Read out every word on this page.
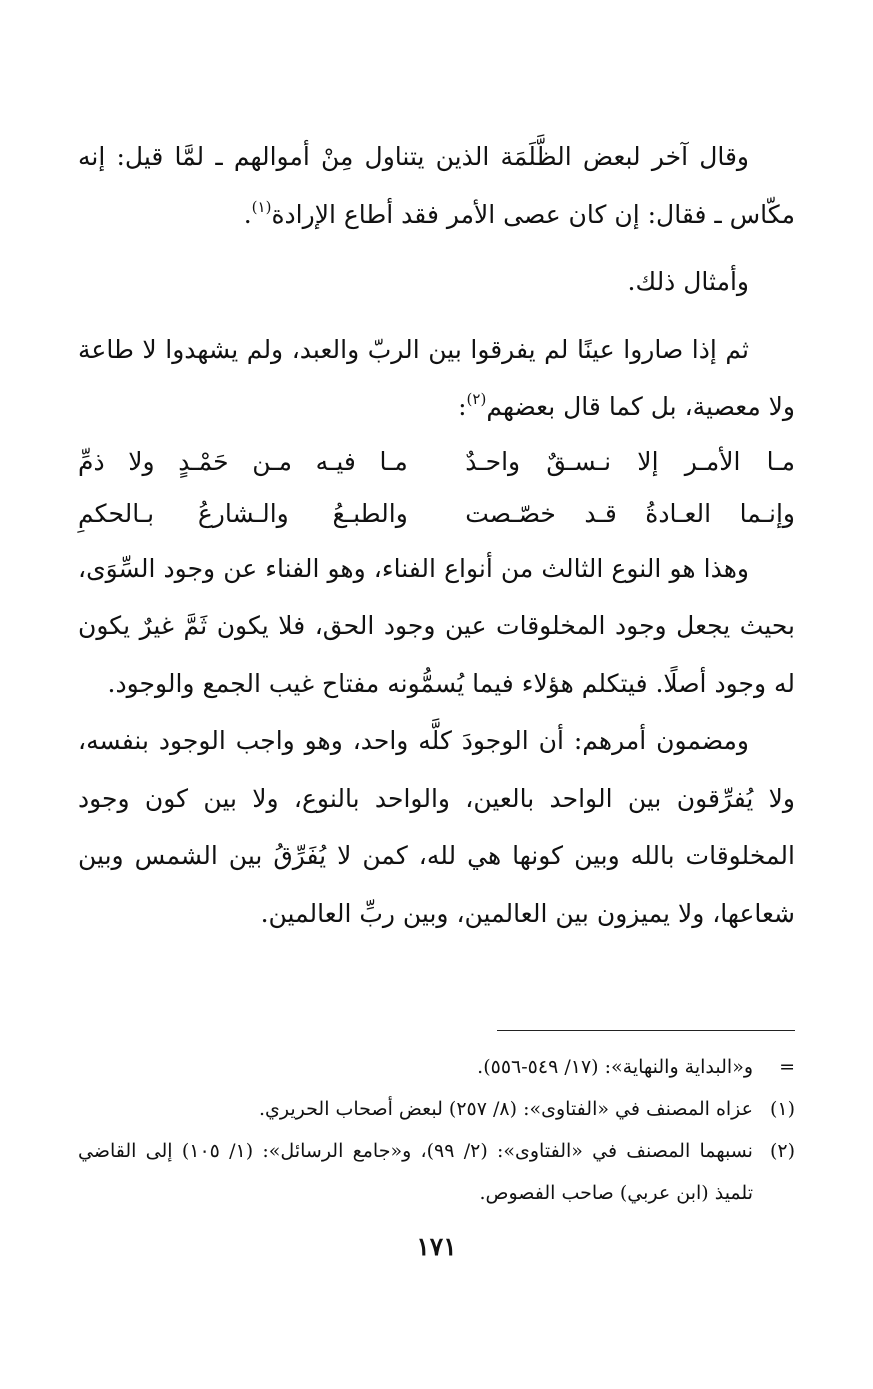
وقال آخر لبعض الظَّلَمَة الذين يتناول مِنْ أموالهم ـ لمَّا قيل: إنه مكّاس ـ فقال: إن كان عصى الأمر فقد أطاع الإرادة$^{(١)}$.

وأمثال ذلك.

ثم إذا صاروا عينًا لم يفرقوا بين الربّ والعبد، ولم يشهدوا لا طاعة ولا معصية، بل كما قال بعضهم$^{(٢)}$:

مـا الأمـر إلا نـسـقٌ واحـدٌ
مـا فيـه مـن حَمْـدٍ ولا ذمِّ
وإنـما العـادةُ قـد خصّـصت
والطبـعُ والـشارعُ بـالحكمِ

وهذا هو النوع الثالث من أنواع الفناء، وهو الفناء عن وجود السِّوَى، بحيث يجعل وجود المخلوقات عين وجود الحق، فلا يكون ثَمَّ غيرٌ يكون له وجود أصلًا. فيتكلم هؤلاء فيما يُسمُّونه مفتاح غيب الجمع والوجود.

ومضمون أمرهم: أن الوجودَ كلَّه واحد، وهو واجب الوجود بنفسه، ولا يُفرِّقون بين الواحد بالعين، والواحد بالنوع، ولا بين كون وجود المخلوقات بالله وبين كونها هي لله، كمن لا يُفَرِّقُ بين الشمس وبين شعاعها، ولا يميزون بين العالمين، وبين ربِّ العالمين.

=
و«البداية والنهاية»: (١٧/ ٥٤٩-٥٥٦).
(١)
عزاه المصنف في «الفتاوى»: (٨/ ٢٥٧) لبعض أصحاب الحريري.
(٢)
نسبهما المصنف في «الفتاوى»: (٢/ ٩٩)، و«جامع الرسائل»: (١/ ١٠٥) إلى القاضي تلميذ (ابن عربي) صاحب الفصوص.
١٧١
